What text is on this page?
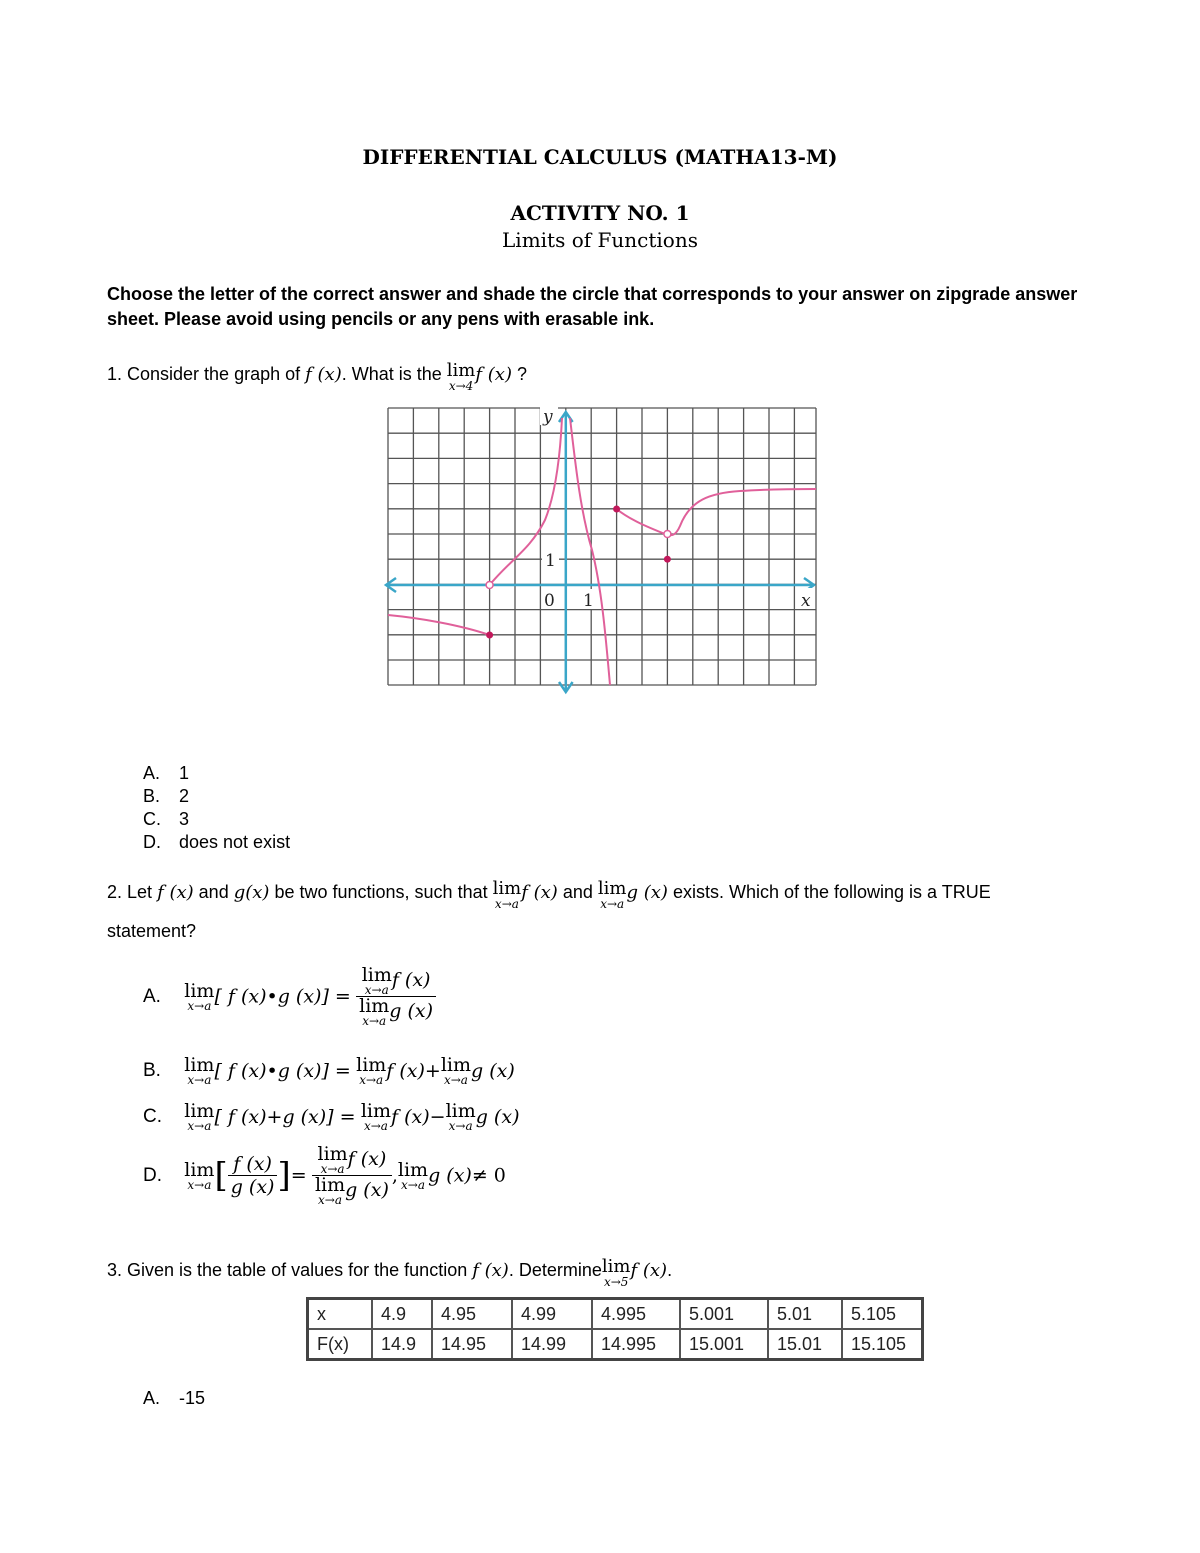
DIFFERENTIAL CALCULUS (MATHA13-M)
ACTIVITY NO. 1
Limits of Functions
Choose the letter of the correct answer and shade the circle that corresponds to your answer on zipgrade answer sheet. Please avoid using pencils or any pens with erasable ink.
1. Consider the graph of f (x). What is the lim
x→4
f (x) ?
y
x
1
0 1
A. 1
B. 2
C. 3
D. does not exist
2. Let f (x) and g(x) be two functions, such that lim
x→a
f (x) and lim
x→a
g (x) exists. Which of the following is a TRUE
statement?
A. lim
x→a [ f (x)•g (x)] = lim
x→a f (x)
lim
x→a g (x)
B. lim
x→a [ f (x)•g (x)] = lim
x→a f (x)+lim
x→a g (x)
C. lim
x→a [ f (x)+g (x)] = lim
x→a f (x)−lim
x→a g (x)
D. lim
x→a [ $\frac{f (x)}{g (x)}$ ]= lim
x→a f (x)
lim
x→a g (x) ,lim
x→a g (x)≠ 0
3. Given is the table of values for the function f (x). Determinelim
x→5
f (x).
x	4.9	4.95	4.99	4.995	5.001	5.01	5.105
F(x)	14.9	14.95	14.99	14.995	15.001	15.01	15.105
A. -15
